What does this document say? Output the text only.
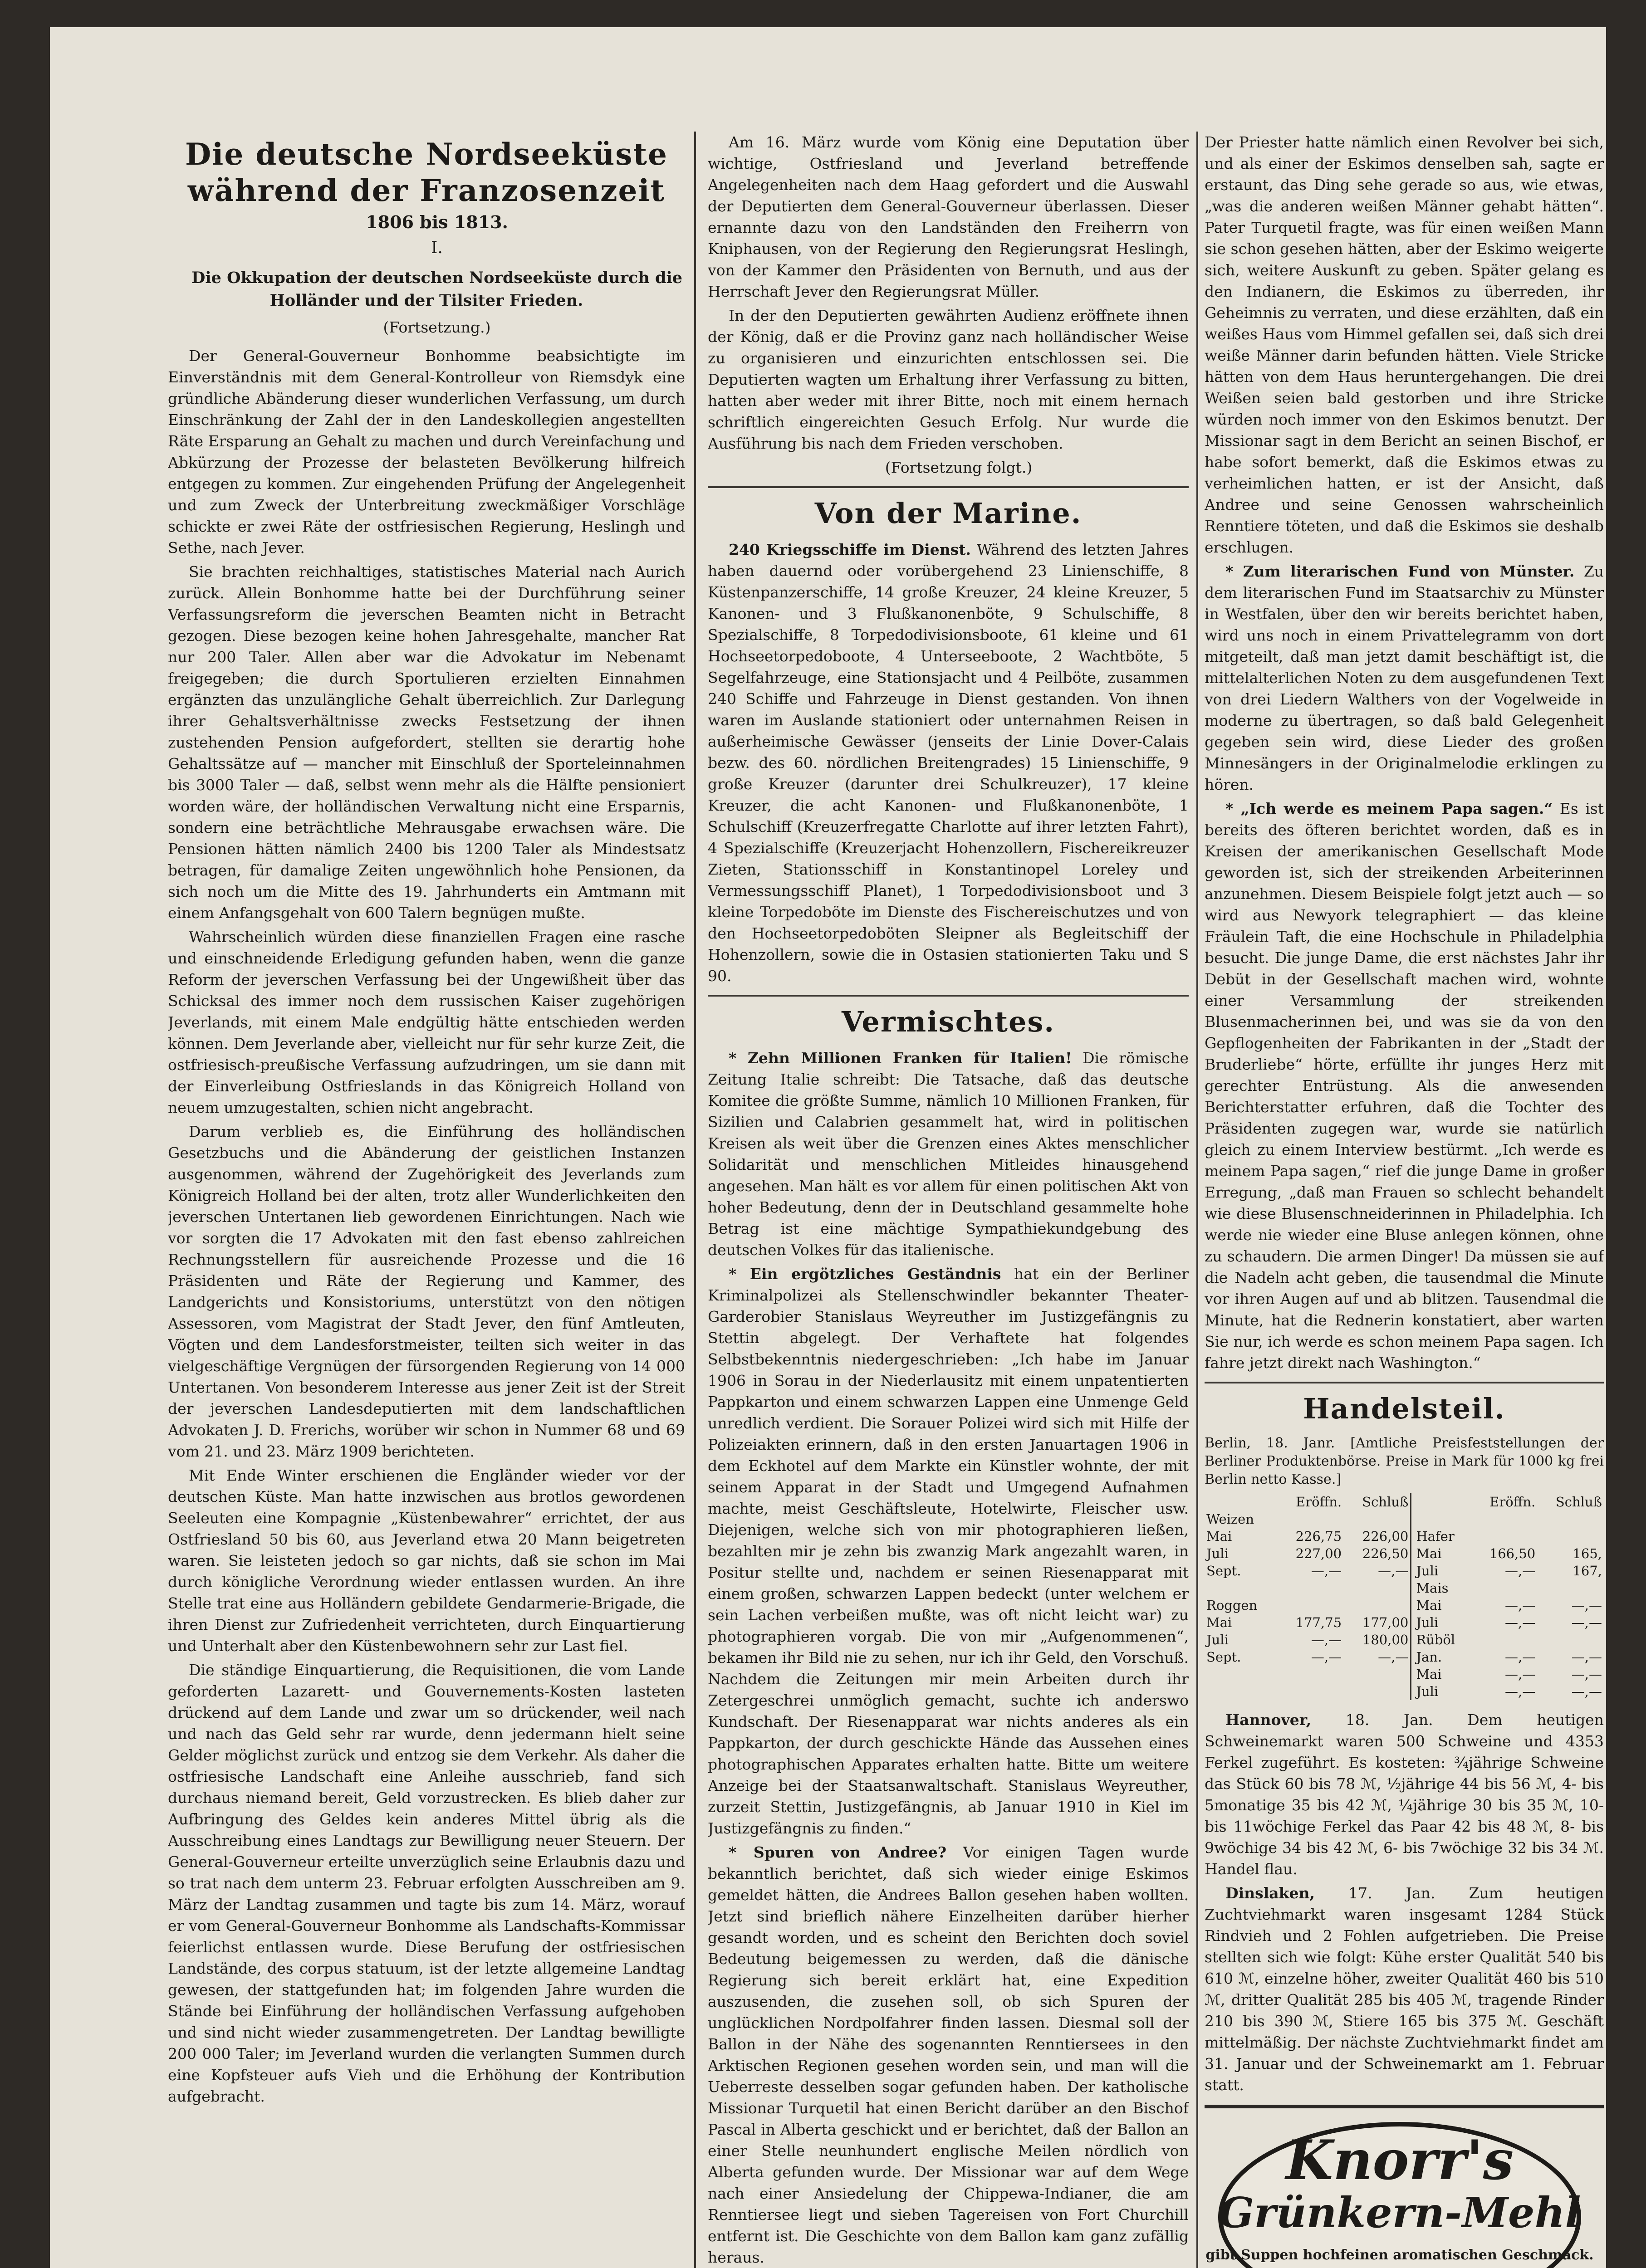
Die deutsche Nordseeküste
während der Franzosenzeit

1806 bis 1813.

I.

Die Okkupation der deutschen Nordseeküste durch die Holländer und der Tilsiter Frieden.

(Fortsetzung.)

Der General-Gouverneur Bonhomme beabsichtigte im Einverständnis mit dem General-Kontrolleur von Riemsdyk eine gründliche Abänderung dieser wunderlichen Verfassung, um durch Einschränkung der Zahl der in den Landeskollegien angestellten Räte Ersparung an Gehalt zu machen und durch Vereinfachung und Abkürzung der Prozesse der belasteten Bevölkerung hilfreich entgegen zu kommen. Zur eingehenden Prüfung der Angelegenheit und zum Zweck der Unterbreitung zweckmäßiger Vorschläge schickte er zwei Räte der ostfriesischen Regierung, Heslingh und Sethe, nach Jever.

Sie brachten reichhaltiges, statistisches Material nach Aurich zurück. Allein Bonhomme hatte bei der Durchführung seiner Verfassungsreform die jeverschen Beamten nicht in Betracht gezogen. Diese bezogen keine hohen Jahresgehalte, mancher Rat nur 200 Taler. Allen aber war die Advokatur im Nebenamt freigegeben; die durch Sportulieren erzielten Einnahmen ergänzten das unzulängliche Gehalt überreichlich. Zur Darlegung ihrer Gehaltsverhältnisse zwecks Festsetzung der ihnen zustehenden Pension aufgefordert, stellten sie derartig hohe Gehaltssätze auf — mancher mit Einschluß der Sporteleinnahmen bis 3000 Taler — daß, selbst wenn mehr als die Hälfte pensioniert worden wäre, der holländischen Verwaltung nicht eine Ersparnis, sondern eine beträchtliche Mehrausgabe erwachsen wäre. Die Pensionen hätten nämlich 2400 bis 1200 Taler als Mindestsatz betragen, für damalige Zeiten ungewöhnlich hohe Pensionen, da sich noch um die Mitte des 19. Jahrhunderts ein Amtmann mit einem Anfangsgehalt von 600 Talern begnügen mußte.

Wahrscheinlich würden diese finanziellen Fragen eine rasche und einschneidende Erledigung gefunden haben, wenn die ganze Reform der jeverschen Verfassung bei der Ungewißheit über das Schicksal des immer noch dem russischen Kaiser zugehörigen Jeverlands, mit einem Male endgültig hätte entschieden werden können. Dem Jeverlande aber, vielleicht nur für sehr kurze Zeit, die ostfriesisch-preußische Verfassung aufzudringen, um sie dann mit der Einverleibung Ostfrieslands in das Königreich Holland von neuem umzugestalten, schien nicht angebracht.

Darum verblieb es, die Einführung des holländischen Gesetzbuchs und die Abänderung der geistlichen Instanzen ausgenommen, während der Zugehörigkeit des Jeverlands zum Königreich Holland bei der alten, trotz aller Wunderlichkeiten den jeverschen Untertanen lieb gewordenen Einrichtungen. Nach wie vor sorgten die 17 Advokaten mit den fast ebenso zahlreichen Rechnungsstellern für ausreichende Prozesse und die 16 Präsidenten und Räte der Regierung und Kammer, des Landgerichts und Konsistoriums, unterstützt von den nötigen Assessoren, vom Magistrat der Stadt Jever, den fünf Amtleuten, Vögten und dem Landesforstmeister, teilten sich weiter in das vielgeschäftige Vergnügen der fürsorgenden Regierung von 14 000 Untertanen. Von besonderem Interesse aus jener Zeit ist der Streit der jeverschen Landesdeputierten mit dem landschaftlichen Advokaten J. D. Frerichs, worüber wir schon in Nummer 68 und 69 vom 21. und 23. März 1909 berichteten.

Mit Ende Winter erschienen die Engländer wieder vor der deutschen Küste. Man hatte inzwischen aus brotlos gewordenen Seeleuten eine Kompagnie „Küstenbewahrer“ errichtet, der aus Ostfriesland 50 bis 60, aus Jeverland etwa 20 Mann beigetreten waren. Sie leisteten jedoch so gar nichts, daß sie schon im Mai durch königliche Verordnung wieder entlassen wurden. An ihre Stelle trat eine aus Holländern gebildete Gendarmerie-Brigade, die ihren Dienst zur Zufriedenheit verrichteten, durch Einquartierung und Unterhalt aber den Küstenbewohnern sehr zur Last fiel.

Die ständige Einquartierung, die Requisitionen, die vom Lande geforderten Lazarett- und Gouvernements-Kosten lasteten drückend auf dem Lande und zwar um so drückender, weil nach und nach das Geld sehr rar wurde, denn jedermann hielt seine Gelder möglichst zurück und entzog sie dem Verkehr. Als daher die ostfriesische Landschaft eine Anleihe ausschrieb, fand sich durchaus niemand bereit, Geld vorzustrecken. Es blieb daher zur Aufbringung des Geldes kein anderes Mittel übrig als die Ausschreibung eines Landtags zur Bewilligung neuer Steuern. Der General-Gouverneur erteilte unverzüglich seine Erlaubnis dazu und so trat nach dem unterm 23. Februar erfolgten Ausschreiben am 9. März der Landtag zusammen und tagte bis zum 14. März, worauf er vom General-Gouverneur Bonhomme als Landschafts-Kommissar feierlichst entlassen wurde. Diese Berufung der ostfriesischen Landstände, des corpus statuum, ist der letzte allgemeine Landtag gewesen, der stattgefunden hat; im folgenden Jahre wurden die Stände bei Einführung der holländischen Verfassung aufgehoben und sind nicht wieder zusammengetreten. Der Landtag bewilligte 200 000 Taler; im Jeverland wurden die verlangten Summen durch eine Kopfsteuer aufs Vieh und die Erhöhung der Kontribution aufgebracht.

Am 16. März wurde vom König eine Deputation über wichtige, Ostfriesland und Jeverland betreffende Angelegenheiten nach dem Haag gefordert und die Auswahl der Deputierten dem General-Gouverneur überlassen. Dieser ernannte dazu von den Landständen den Freiherrn von Kniphausen, von der Regierung den Regierungsrat Heslingh, von der Kammer den Präsidenten von Bernuth, und aus der Herrschaft Jever den Regierungsrat Müller.

In der den Deputierten gewährten Audienz eröffnete ihnen der König, daß er die Provinz ganz nach holländischer Weise zu organisieren und einzurichten entschlossen sei. Die Deputierten wagten um Erhaltung ihrer Verfassung zu bitten, hatten aber weder mit ihrer Bitte, noch mit einem hernach schriftlich eingereichten Gesuch Erfolg. Nur wurde die Ausführung bis nach dem Frieden verschoben.

(Fortsetzung folgt.)

Von der Marine.

240 Kriegsschiffe im Dienst. Während des letzten Jahres haben dauernd oder vorübergehend 23 Linienschiffe, 8 Küstenpanzerschiffe, 14 große Kreuzer, 24 kleine Kreuzer, 5 Kanonen- und 3 Flußkanonenböte, 9 Schulschiffe, 8 Spezialschiffe, 8 Torpedodivisionsboote, 61 kleine und 61 Hochseetorpedoboote, 4 Unterseeboote, 2 Wachtböte, 5 Segelfahrzeuge, eine Stationsjacht und 4 Peilböte, zusammen 240 Schiffe und Fahrzeuge in Dienst gestanden. Von ihnen waren im Auslande stationiert oder unternahmen Reisen in außerheimische Gewässer (jenseits der Linie Dover-Calais bezw. des 60. nördlichen Breitengrades) 15 Linienschiffe, 9 große Kreuzer (darunter drei Schulkreuzer), 17 kleine Kreuzer, die acht Kanonen- und Flußkanonenböte, 1 Schulschiff (Kreuzerfregatte Charlotte auf ihrer letzten Fahrt), 4 Spezialschiffe (Kreuzerjacht Hohenzollern, Fischereikreuzer Zieten, Stationsschiff in Konstantinopel Loreley und Vermessungsschiff Planet), 1 Torpedodivisionsboot und 3 kleine Torpedoböte im Dienste des Fischereischutzes und von den Hochseetorpedoböten Sleipner als Begleitschiff der Hohenzollern, sowie die in Ostasien stationierten Taku und S 90.

Vermischtes.

* Zehn Millionen Franken für Italien! Die römische Zeitung Italie schreibt: Die Tatsache, daß das deutsche Komitee die größte Summe, nämlich 10 Millionen Franken, für Sizilien und Calabrien gesammelt hat, wird in politischen Kreisen als weit über die Grenzen eines Aktes menschlicher Solidarität und menschlichen Mitleides hinausgehend angesehen. Man hält es vor allem für einen politischen Akt von hoher Bedeutung, denn der in Deutschland gesammelte hohe Betrag ist eine mächtige Sympathiekundgebung des deutschen Volkes für das italienische.

* Ein ergötzliches Geständnis hat ein der Berliner Kriminalpolizei als Stellenschwindler bekannter Theater-Garderobier Stanislaus Weyreuther im Justizgefängnis zu Stettin abgelegt. Der Verhaftete hat folgendes Selbstbekenntnis niedergeschrieben: „Ich habe im Januar 1906 in Sorau in der Niederlausitz mit einem unpatentierten Pappkarton und einem schwarzen Lappen eine Unmenge Geld unredlich verdient. Die Sorauer Polizei wird sich mit Hilfe der Polizeiakten erinnern, daß in den ersten Januartagen 1906 in dem Eckhotel auf dem Markte ein Künstler wohnte, der mit seinem Apparat in der Stadt und Umgegend Aufnahmen machte, meist Geschäftsleute, Hotelwirte, Fleischer usw. Diejenigen, welche sich von mir photographieren ließen, bezahlten mir je zehn bis zwanzig Mark angezahlt waren, in Positur stellte und, nachdem er seinen Riesenapparat mit einem großen, schwarzen Lappen bedeckt (unter welchem er sein Lachen verbeißen mußte, was oft nicht leicht war) zu photographieren vorgab. Die von mir „Aufgenommenen“, bekamen ihr Bild nie zu sehen, nur ich ihr Geld, den Vorschuß. Nachdem die Zeitungen mir mein Arbeiten durch ihr Zetergeschrei unmöglich gemacht, suchte ich anderswo Kundschaft. Der Riesenapparat war nichts anderes als ein Pappkarton, der durch geschickte Hände das Aussehen eines photographischen Apparates erhalten hatte. Bitte um weitere Anzeige bei der Staatsanwaltschaft. Stanislaus Weyreuther, zurzeit Stettin, Justizgefängnis, ab Januar 1910 in Kiel im Justizgefängnis zu finden.“

* Spuren von Andree? Vor einigen Tagen wurde bekanntlich berichtet, daß sich wieder einige Eskimos gemeldet hätten, die Andrees Ballon gesehen haben wollten. Jetzt sind brieflich nähere Einzelheiten darüber hierher gesandt worden, und es scheint den Berichten doch soviel Bedeutung beigemessen zu werden, daß die dänische Regierung sich bereit erklärt hat, eine Expedition auszusenden, die zusehen soll, ob sich Spuren der unglücklichen Nordpolfahrer finden lassen. Diesmal soll der Ballon in der Nähe des sogenannten Renntiersees in den Arktischen Regionen gesehen worden sein, und man will die Ueberreste desselben sogar gefunden haben. Der katholische Missionar Turquetil hat einen Bericht darüber an den Bischof Pascal in Alberta geschickt und er berichtet, daß der Ballon an einer Stelle neunhundert englische Meilen nördlich von Alberta gefunden wurde. Der Missionar war auf dem Wege nach einer Ansiedelung der Chippewa-Indianer, die am Renntiersee liegt und sieben Tagereisen von Fort Churchill entfernt ist. Die Geschichte von dem Ballon kam ganz zufällig heraus.

Der Priester hatte nämlich einen Revolver bei sich, und als einer der Eskimos denselben sah, sagte er erstaunt, das Ding sehe gerade so aus, wie etwas, „was die anderen weißen Männer gehabt hätten“. Pater Turquetil fragte, was für einen weißen Mann sie schon gesehen hätten, aber der Eskimo weigerte sich, weitere Auskunft zu geben. Später gelang es den Indianern, die Eskimos zu überreden, ihr Geheimnis zu verraten, und diese erzählten, daß ein weißes Haus vom Himmel gefallen sei, daß sich drei weiße Männer darin befunden hätten. Viele Stricke hätten von dem Haus heruntergehangen. Die drei Weißen seien bald gestorben und ihre Stricke würden noch immer von den Eskimos benutzt. Der Missionar sagt in dem Bericht an seinen Bischof, er habe sofort bemerkt, daß die Eskimos etwas zu verheimlichen hatten, er ist der Ansicht, daß Andree und seine Genossen wahrscheinlich Renntiere töteten, und daß die Eskimos sie deshalb erschlugen.

* Zum literarischen Fund von Münster. Zu dem literarischen Fund im Staatsarchiv zu Münster in Westfalen, über den wir bereits berichtet haben, wird uns noch in einem Privattelegramm von dort mitgeteilt, daß man jetzt damit beschäftigt ist, die mittelalterlichen Noten zu dem ausgefundenen Text von drei Liedern Walthers von der Vogelweide in moderne zu übertragen, so daß bald Gelegenheit gegeben sein wird, diese Lieder des großen Minnesängers in der Originalmelodie erklingen zu hören.

* „Ich werde es meinem Papa sagen.“ Es ist bereits des öfteren berichtet worden, daß es in Kreisen der amerikanischen Gesellschaft Mode geworden ist, sich der streikenden Arbeiterinnen anzunehmen. Diesem Beispiele folgt jetzt auch — so wird aus Newyork telegraphiert — das kleine Fräulein Taft, die eine Hochschule in Philadelphia besucht. Die junge Dame, die erst nächstes Jahr ihr Debüt in der Gesellschaft machen wird, wohnte einer Versammlung der streikenden Blusenmacherinnen bei, und was sie da von den Gepflogenheiten der Fabrikanten in der „Stadt der Bruderliebe“ hörte, erfüllte ihr junges Herz mit gerechter Entrüstung. Als die anwesenden Berichterstatter erfuhren, daß die Tochter des Präsidenten zugegen war, wurde sie natürlich gleich zu einem Interview bestürmt. „Ich werde es meinem Papa sagen,“ rief die junge Dame in großer Erregung, „daß man Frauen so schlecht behandelt wie diese Blusenschneiderinnen in Philadelphia. Ich werde nie wieder eine Bluse anlegen können, ohne zu schaudern. Die armen Dinger! Da müssen sie auf die Nadeln acht geben, die tausendmal die Minute vor ihren Augen auf und ab blitzen. Tausendmal die Minute, hat die Rednerin konstatiert, aber warten Sie nur, ich werde es schon meinem Papa sagen. Ich fahre jetzt direkt nach Washington.“

Handelsteil.

Berlin, 18. Janr. [Amtliche Preisfeststellungen der Berliner Produktenbörse. Preise in Mark für 1000 kg frei Berlin netto Kasse.]

	Eröffn.	Schluß			Eröffn.	Schluß
Weizen						
Mai	226,75	226,00		Hafer		
Juli	227,00	226,50		Mai	166,50	165,
Sept.	—,—	—,—		Juli	—,—	167,
				Mais		
Roggen				Mai	—,—	—,—
Mai	177,75	177,00		Juli	—,—	—,—
Juli	—,—	180,00		Rüböl		
Sept.	—,—	—,—		Jan.	—,—	—,—
				Mai	—,—	—,—
				Juli	—,—	—,—

Hannover, 18. Jan. Dem heutigen Schweinemarkt waren 500 Schweine und 4353 Ferkel zugeführt. Es kosteten: ¾jährige Schweine das Stück 60 bis 78 ℳ, ½jährige 44 bis 56 ℳ, 4- bis 5monatige 35 bis 42 ℳ, ¼jährige 30 bis 35 ℳ, 10- bis 11wöchige Ferkel das Paar 42 bis 48 ℳ, 8- bis 9wöchige 34 bis 42 ℳ, 6- bis 7wöchige 32 bis 34 ℳ. Handel flau.

Dinslaken, 17. Jan. Zum heutigen Zuchtviehmarkt waren insgesamt 1284 Stück Rindvieh und 2 Fohlen aufgetrieben. Die Preise stellten sich wie folgt: Kühe erster Qualität 540 bis 610 ℳ, einzelne höher, zweiter Qualität 460 bis 510 ℳ, dritter Qualität 285 bis 405 ℳ, tragende Rinder 210 bis 390 ℳ, Stiere 165 bis 375 ℳ. Geschäft mittelmäßig. Der nächste Zuchtviehmarkt findet am 31. Januar und der Schweinemarkt am 1. Februar statt.

Knorr's
Grünkern-Mehl
gibt Suppen hochfeinen aromatischen Geschmack.
